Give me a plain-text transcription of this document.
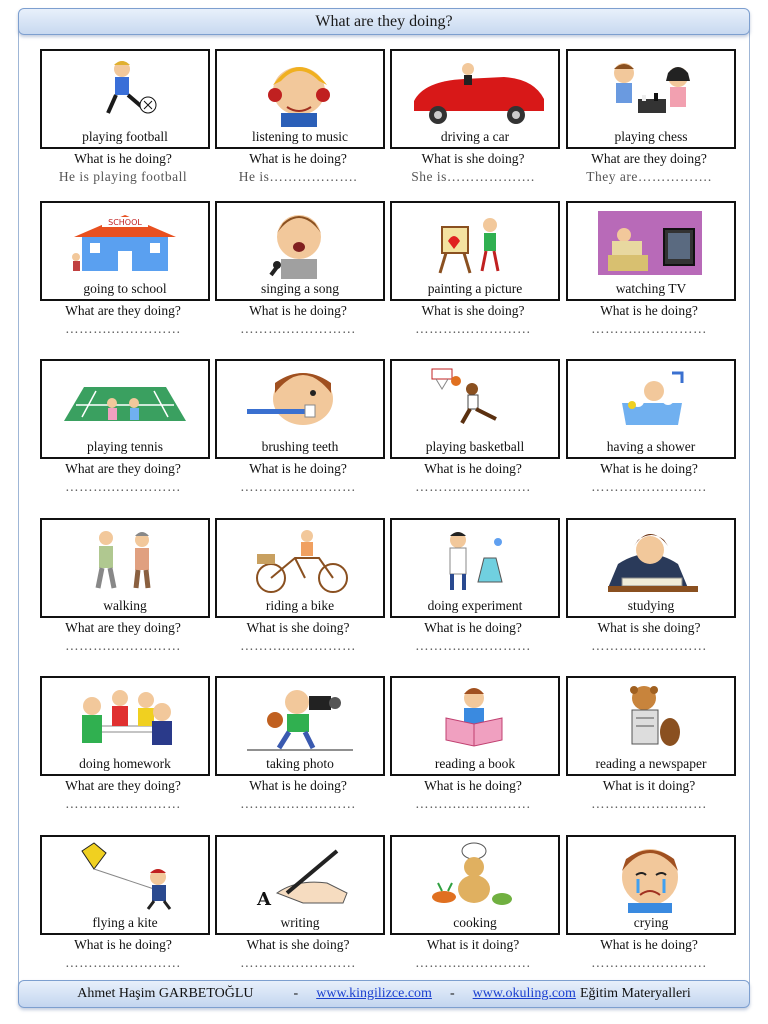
What are they doing?
playing football
What is he doing?
He is playing football
listening to music
What is he doing?
He is……………….
driving a car
What is she doing?
She is……………….
playing chess
What are they doing?
They are…………….
SCHOOL
going to school
What are they doing?
……….……………
singing a song
What is he doing?
……….……………
painting a picture
What is she doing?
……….……………
watching TV
What is he doing?
……….……………
playing tennis
What are they doing?
……….……………
brushing teeth
What is he doing?
……….……………
playing basketball
What is he doing?
……….……………
having a shower
What is he doing?
……….……………
walking
What are they doing?
……….……………
riding a bike
What is she doing?
……….……………
doing experiment
What is he doing?
……….……………
studying
What is she doing?
……….……………
doing homework
What are they doing?
……….……………
taking photo
What is he doing?
……….……………
reading a book
What is he doing?
……….……………
reading a newspaper
What is it doing?
……….……………
flying a kite
What is he doing?
……….……………
A
writing
What is she doing?
……….……………
cooking
What is it doing?
……….……………
crying
What is he doing?
……….……………
Ahmet Haşim GARBETOĞLU	-	www.kingilizce.com	-	www.okuling.com Eğitim Materyalleri
